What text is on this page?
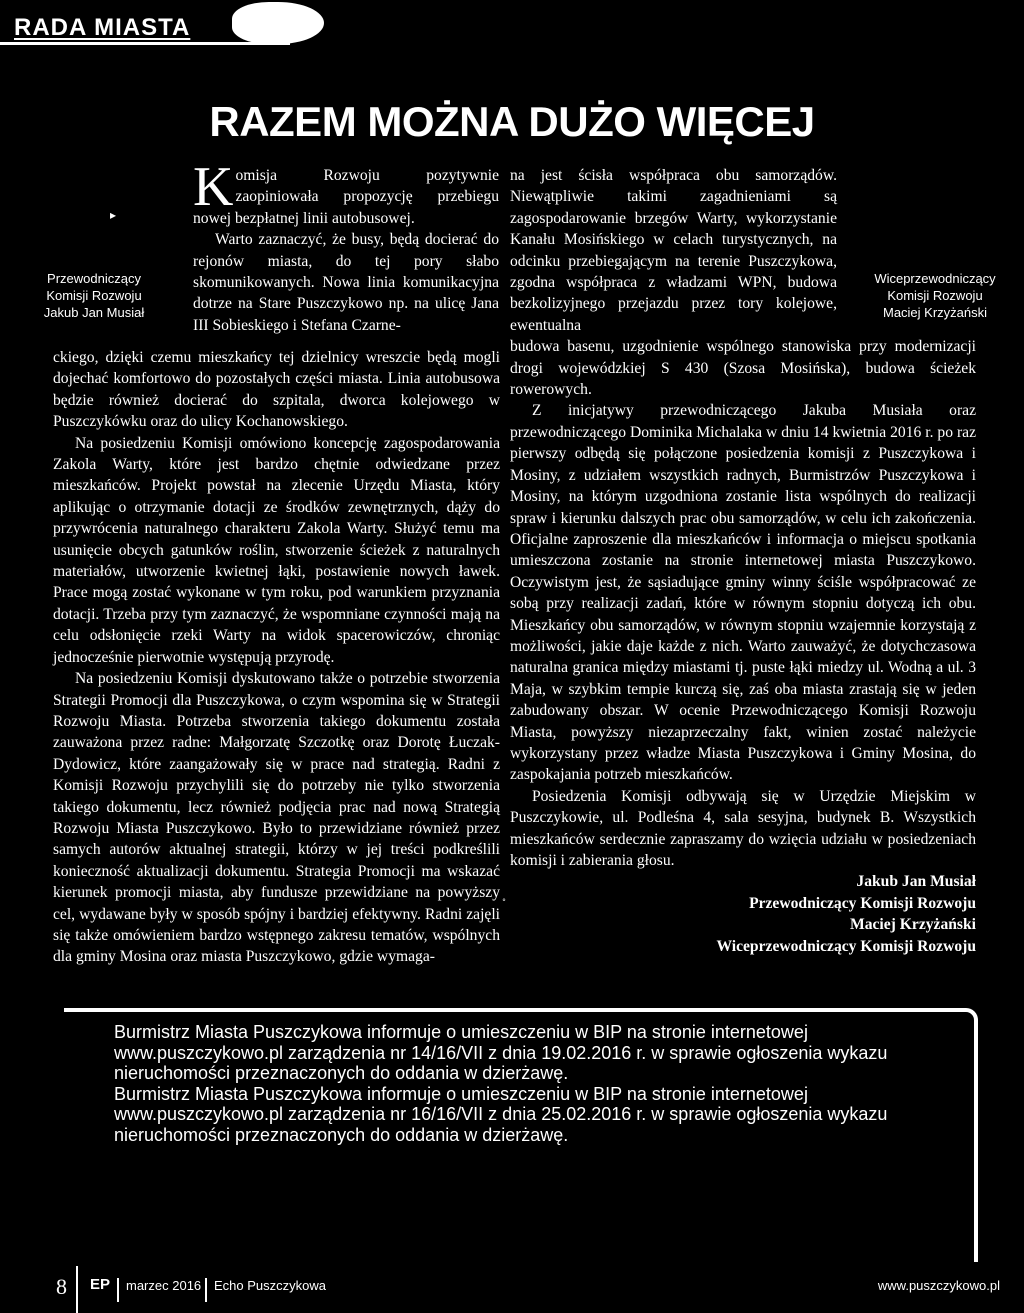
RADA MIASTA
RAZEM MOŻNA DUŻO WIĘCEJ
▸
Przewodniczący
Komisji Rozwoju
Jakub Jan Musiał
Wiceprzewodniczący
Komisji Rozwoju
Maciej Krzyżański

Komisja Rozwoju pozytywnie zaopiniowała propozycję przebiegu nowej bezpłatnej linii autobusowej.

Warto zaznaczyć, że busy, będą docierać do rejonów miasta, do tej pory słabo skomunikowanych. Nowa linia komunikacyjna dotrze na Stare Puszczykowo np. na ulicę Jana III Sobieskiego i Stefana Czarne-

ckiego, dzięki czemu mieszkańcy tej dzielnicy wreszcie będą mogli dojechać komfortowo do pozostałych części miasta. Linia autobusowa będzie również docierać do szpitala, dworca kolejowego w Puszczykówku oraz do ulicy Kochanowskiego.

Na posiedzeniu Komisji omówiono koncepcję zagospodarowania Zakola Warty, które jest bardzo chętnie odwiedzane przez mieszkańców. Projekt powstał na zlecenie Urzędu Miasta, który aplikując o otrzymanie dotacji ze środków zewnętrznych, dąży do przywrócenia naturalnego charakteru Zakola Warty. Służyć temu ma usunięcie obcych gatunków roślin, stworzenie ścieżek z naturalnych materiałów, utworzenie kwietnej łąki, postawienie nowych ławek. Prace mogą zostać wykonane w tym roku, pod warunkiem przyznania dotacji. Trzeba przy tym zaznaczyć, że wspomniane czynności mają na celu odsłonięcie rzeki Warty na widok spacerowiczów, chroniąc jednocześnie pierwotnie występują przyrodę.

Na posiedzeniu Komisji dyskutowano także o potrzebie stworzenia Strategii Promocji dla Puszczykowa, o czym wspomina się w Strategii Rozwoju Miasta. Potrzeba stworzenia takiego dokumentu została zauważona przez radne: Małgorzatę Szczotkę oraz Dorotę Łuczak-Dydowicz, które zaangażowały się w prace nad strategią. Radni z Komisji Rozwoju przychylili się do potrzeby nie tylko stworzenia takiego dokumentu, lecz również podjęcia prac nad nową Strategią Rozwoju Miasta Puszczykowo. Było to przewidziane również przez samych autorów aktualnej strategii, którzy w jej treści podkreślili konieczność aktualizacji dokumentu. Strategia Promocji ma wskazać kierunek promocji miasta, aby fundusze przewidziane na powyższy cel, wydawane były w sposób spójny i bardziej efektywny. Radni zajęli się także omówieniem bardzo wstępnego zakresu tematów, wspólnych dla gminy Mosina oraz miasta Puszczykowo, gdzie wymaga-

˚

na jest ścisła współpraca obu samorządów. Niewątpliwie takimi zagadnieniami są zagospodarowanie brzegów Warty, wykorzystanie Kanału Mosińskiego w celach turystycznych, na odcinku przebiegającym na terenie Puszczykowa, zgodna współpraca z władzami WPN, budowa bezkolizyjnego przejazdu przez tory kolejowe, ewentualna

budowa basenu, uzgodnienie wspólnego stanowiska przy modernizacji drogi wojewódzkiej S 430 (Szosa Mosińska), budowa ścieżek rowerowych.

Z inicjatywy przewodniczącego Jakuba Musiała oraz przewodniczącego Dominika Michalaka w dniu 14 kwietnia 2016 r. po raz pierwszy odbędą się połączone posiedzenia komisji z Puszczykowa i Mosiny, z udziałem wszystkich radnych, Burmistrzów Puszczykowa i Mosiny, na którym uzgodniona zostanie lista wspólnych do realizacji spraw i kierunku dalszych prac obu samorządów, w celu ich zakończenia. Oficjalne zaproszenie dla mieszkańców i informacja o miejscu spotkania umieszczona zostanie na stronie internetowej miasta Puszczykowo. Oczywistym jest, że sąsiadujące gminy winny ściśle współpracować ze sobą przy realizacji zadań, które w równym stopniu dotyczą ich obu. Mieszkańcy obu samorządów, w równym stopniu wzajemnie korzystają z możliwości, jakie daje każde z nich. Warto zauważyć, że dotychczasowa naturalna granica między miastami tj. puste łąki miedzy ul. Wodną a ul. 3 Maja, w szybkim tempie kurczą się, zaś oba miasta zrastają się w jeden zabudowany obszar. W ocenie Przewodniczącego Komisji Rozwoju Miasta, powyższy niezaprzeczalny fakt, winien zostać należycie wykorzystany przez władze Miasta Puszczykowa i Gminy Mosina, do zaspokajania potrzeb mieszkańców.

Posiedzenia Komisji odbywają się w Urzędzie Miejskim w Puszczykowie, ul. Podleśna 4, sala sesyjna, budynek B. Wszystkich mieszkańców serdecznie zapraszamy do wzięcia udziału w posiedzeniach komisji i zabierania głosu.

Jakub Jan Musiał
Przewodniczący Komisji Rozwoju
Maciej Krzyżański
Wiceprzewodniczący Komisji Rozwoju

Burmistrz Miasta Puszczykowa informuje o umieszczeniu w BIP na stronie internetowej

www.puszczykowo.pl zarządzenia nr 14/16/VII z dnia 19.02.2016 r. w sprawie ogłoszenia wykazu

nieruchomości przeznaczonych do oddania w dzierżawę.

Burmistrz Miasta Puszczykowa informuje o umieszczeniu w BIP na stronie internetowej

www.puszczykowo.pl zarządzenia nr 16/16/VII z dnia 25.02.2016 r. w sprawie ogłoszenia wykazu

nieruchomości przeznaczonych do oddania w dzierżawę.

8 EP marzec 2016 Echo Puszczykowa	www.puszczykowo.pl
